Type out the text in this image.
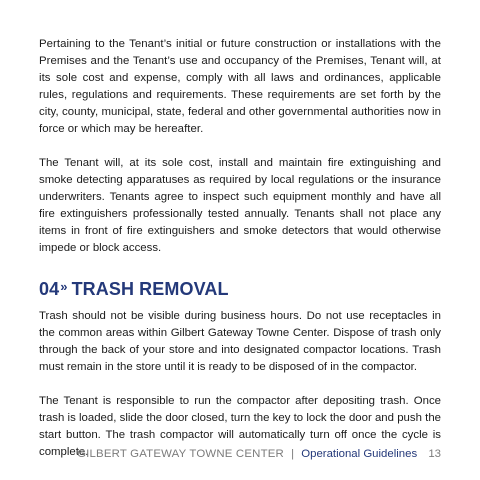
Pertaining to the Tenant’s initial or future construction or installations with the Premises and the Tenant’s use and occupancy of the Premises, Tenant will, at its sole cost and expense, comply with all laws and ordinances, applicable rules, regulations and requirements. These requirements are set forth by the city, county, municipal, state, federal and other governmental authorities now in force or which may be hereafter.

The Tenant will, at its sole cost, install and maintain fire extinguishing and smoke detecting apparatuses as required by local regulations or the insurance underwriters. Tenants agree to inspect such equipment monthly and have all fire extinguishers professionally tested annually. Tenants shall not place any items in front of fire extinguishers and smoke detectors that would otherwise impede or block access.

04 » TRASH REMOVAL

Trash should not be visible during business hours. Do not use receptacles in the common areas within Gilbert Gateway Towne Center. Dispose of trash only through the back of your store and into designated compactor locations. Trash must remain in the store until it is ready to be disposed of in the compactor.

The Tenant is responsible to run the compactor after depositing trash. Once trash is loaded, slide the door closed, turn the key to lock the door and push the start button. The trash compactor will automatically turn off once the cycle is complete.

GILBERT GATEWAY TOWNE CENTER | Operational Guidelines 13
